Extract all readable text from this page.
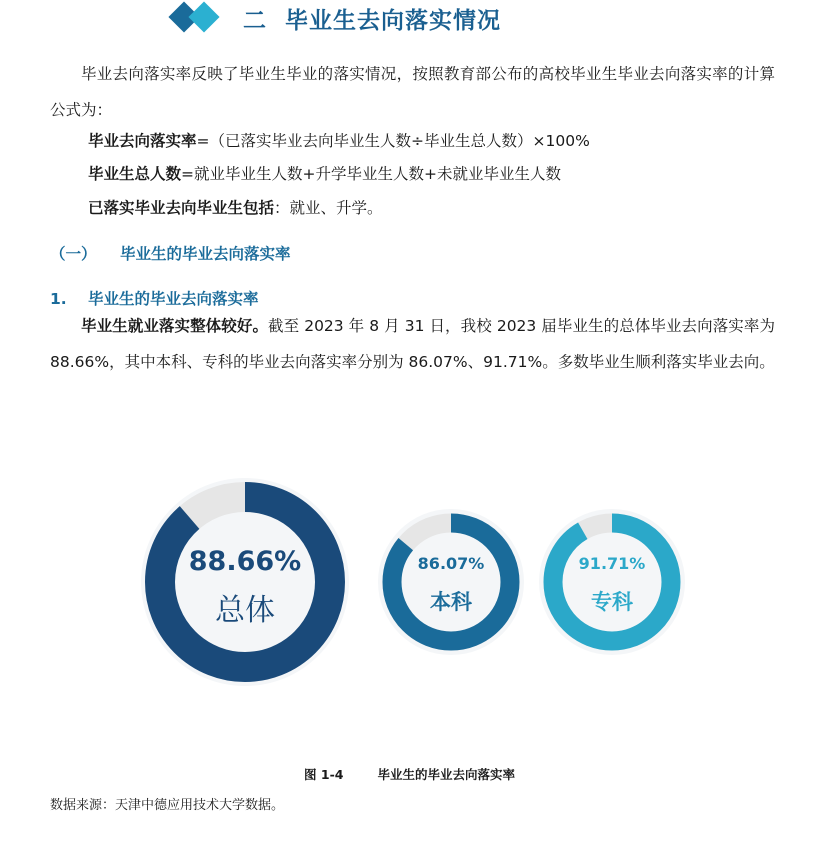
二 毕业生去向落实情况
毕业去向落实率反映了毕业生毕业的落实情况，按照教育部公布的高校毕业生毕业去向落实率的计算公式为：
毕业去向落实率=（已落实毕业去向毕业生人数÷毕业生总人数）×100%
毕业生总人数=就业毕业生人数+升学毕业生人数+未就业毕业生人数
已落实毕业去向毕业生包括：就业、升学。
（一） 毕业生的毕业去向落实率
1. 毕业生的毕业去向落实率
毕业生就业落实整体较好。截至 2023 年 8 月 31 日，我校 2023 届毕业生的总体毕业去向落实率为 88.66%，其中本科、专科的毕业去向落实率分别为 86.07%、91.71%。多数毕业生顺利落实毕业去向。
88.66%
总体
86.07%
本科
91.71%
专科
图 1-4	毕业生的毕业去向落实率
数据来源：天津中德应用技术大学数据。
